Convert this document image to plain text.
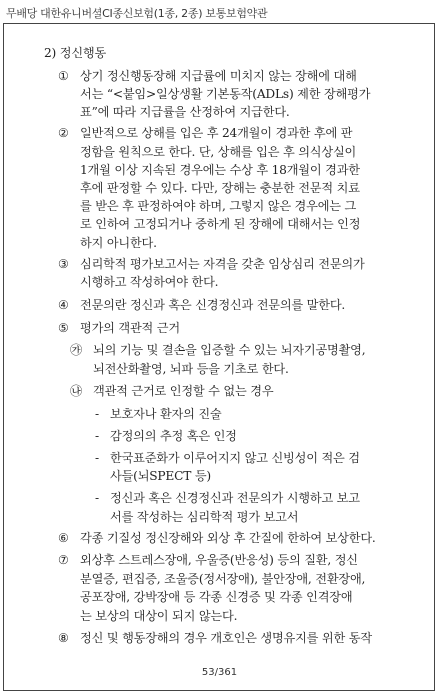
무배당 대한유니버셜CI종신보험(1종, 2종) 보통보험약관
2) 정신행동
① 상기 정신행동장해 지급률에 미치지 않는 장해에 대해
서는 “<붙임>일상생활 기본동작(ADLs) 제한 장해평가
표”에 따라 지급률을 산정하여 지급한다.
② 일반적으로 상해를 입은 후 24개월이 경과한 후에 판
정함을 원칙으로 한다. 단, 상해를 입은 후 의식상실이
1개월 이상 지속된 경우에는 수상 후 18개월이 경과한
후에 판정할 수 있다. 다만, 장해는 충분한 전문적 치료
를 받은 후 판정하여야 하며, 그렇지 않은 경우에는 그
로 인하여 고정되거나 중하게 된 장해에 대해서는 인정
하지 아니한다.
③ 심리학적 평가보고서는 자격을 갖춘 임상심리 전문의가
시행하고 작성하여야 한다.
④ 전문의란 정신과 혹은 신경정신과 전문의를 말한다.
⑤ 평가의 객관적 근거
㉮ 뇌의 기능 및 결손을 입증할 수 있는 뇌자기공명촬영,
뇌전산화촬영, 뇌파 등을 기초로 한다.
㉯ 객관적 근거로 인정할 수 없는 경우
- 보호자나 환자의 진술
- 감정의의 추정 혹은 인정
- 한국표준화가 이루어지지 않고 신빙성이 적은 검
사들(뇌SPECT 등)
- 정신과 혹은 신경정신과 전문의가 시행하고 보고
서를 작성하는 심리학적 평가 보고서
⑥ 각종 기질성 정신장해와 외상 후 간질에 한하여 보상한다.
⑦ 외상후 스트레스장애, 우울증(반응성) 등의 질환, 정신
분열증, 편집증, 조울증(정서장애), 불안장애, 전환장애,
공포장애, 강박장애 등 각종 신경증 및 각종 인격장애
는 보상의 대상이 되지 않는다.
⑧ 정신 및 행동장해의 경우 개호인은 생명유지를 위한 동작
53/361
